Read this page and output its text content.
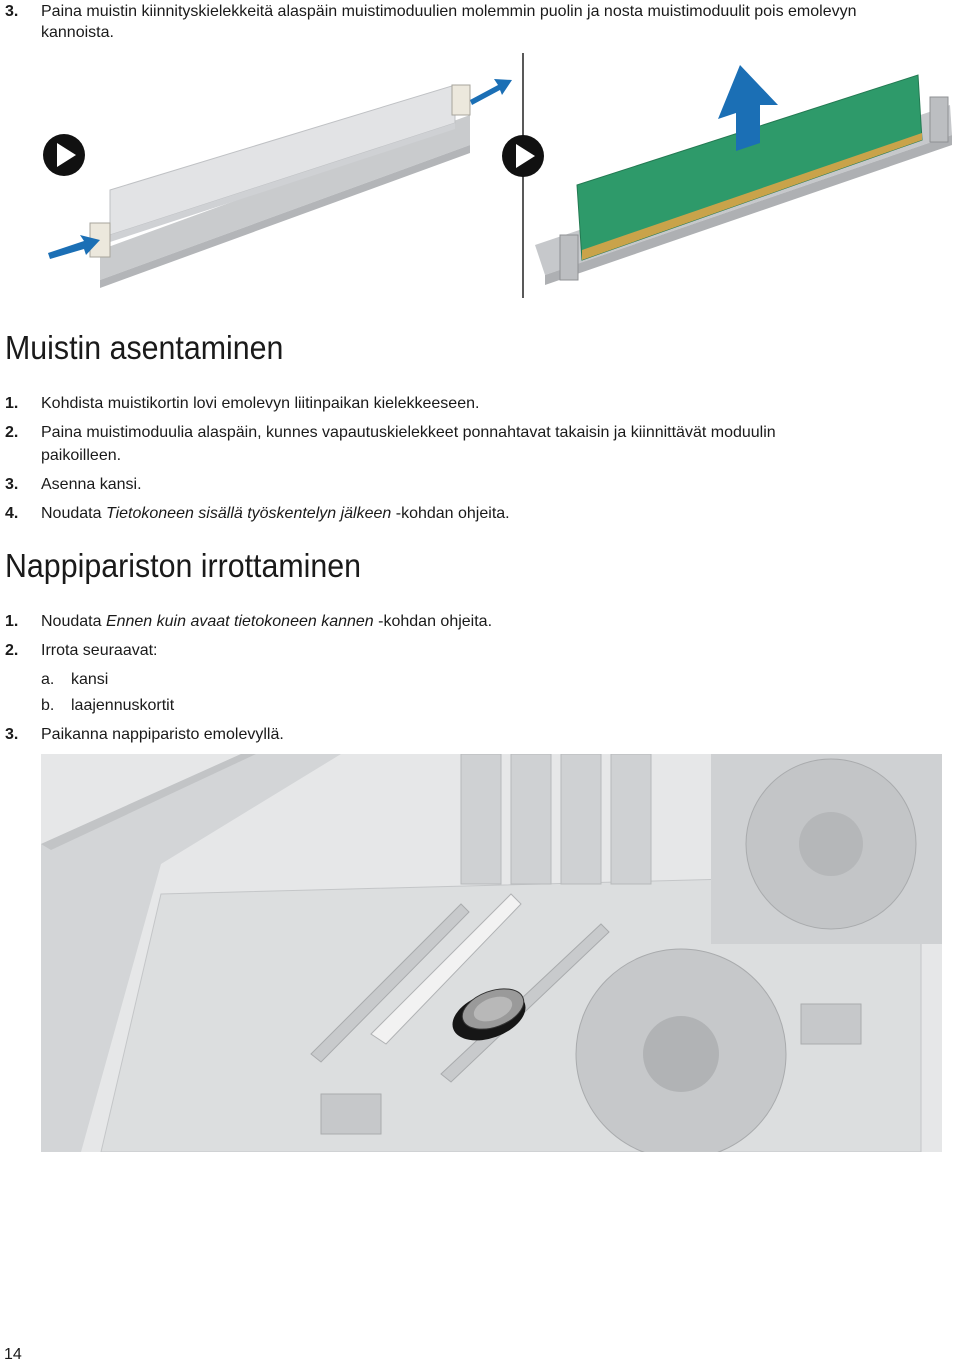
3. Paina muistin kiinnityskielekkeitä alaspäin muistimoduulien molemmin puolin ja nosta muistimoduulit pois emolevyn
kannoista.
Muistin asentaminen
1. Kohdista muistikortin lovi emolevyn liitinpaikan kielekkeeseen.
2. Paina muistimoduulia alaspäin, kunnes vapautuskielekkeet ponnahtavat takaisin ja kiinnittävät moduulin
paikoilleen.
3. Asenna kansi.
4. Noudata Tietokoneen sisällä työskentelyn jälkeen -kohdan ohjeita.
Nappipariston irrottaminen
1. Noudata Ennen kuin avaat tietokoneen kannen -kohdan ohjeita.
2. Irrota seuraavat:
a. kansi
b. laajennuskortit
3. Paikanna nappiparisto emolevyllä.
14
